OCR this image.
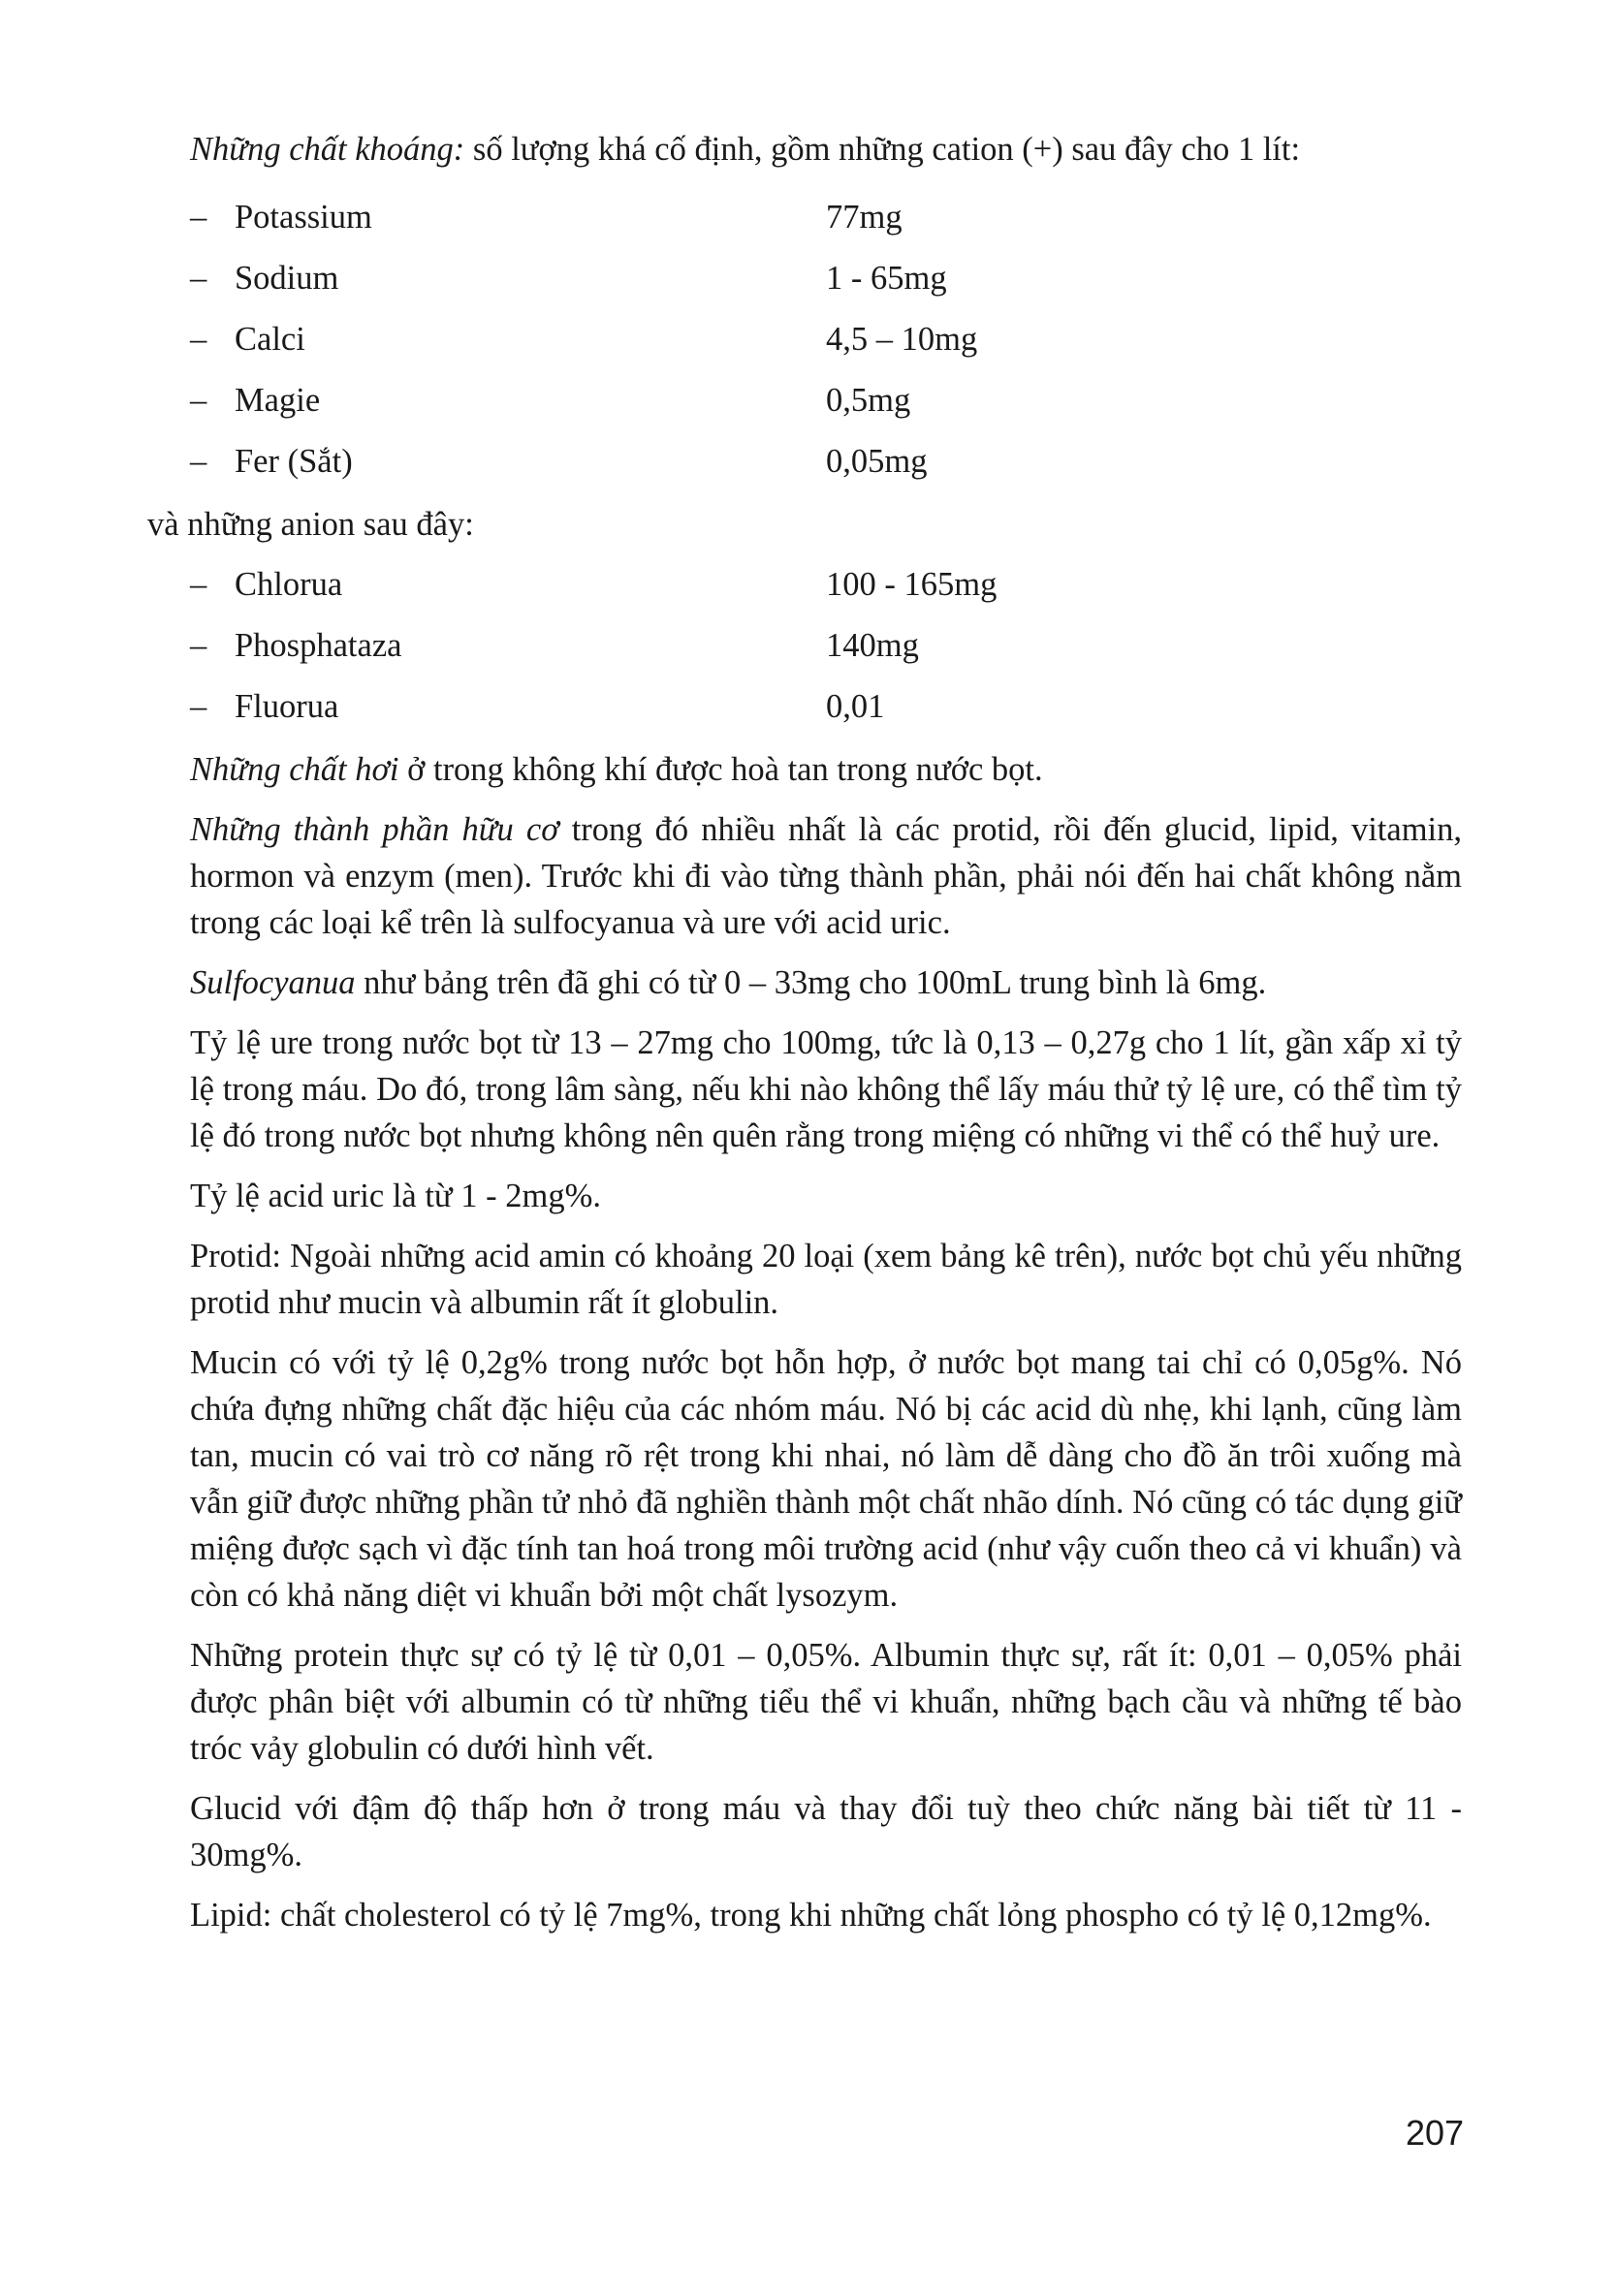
Những chất khoáng: số lượng khá cố định, gồm những cation (+) sau đây cho 1 lít:

– Potassium	77mg
– Sodium	1 - 65mg
– Calci	4,5 – 10mg
– Magie	0,5mg
– Fer (Sắt)	0,05mg

và những anion sau đây:

– Chlorua	100 - 165mg
– Phosphataza	140mg
– Fluorua	0,01

Những chất hơi ở trong không khí được hoà tan trong nước bọt.

Những thành phần hữu cơ trong đó nhiều nhất là các protid, rồi đến glucid, lipid, vitamin, hormon và enzym (men). Trước khi đi vào từng thành phần, phải nói đến hai chất không nằm trong các loại kể trên là sulfocyanua và ure với acid uric.

Sulfocyanua như bảng trên đã ghi có từ 0 – 33mg cho 100mL trung bình là 6mg.

Tỷ lệ ure trong nước bọt từ 13 – 27mg cho 100mg, tức là 0,13 – 0,27g cho 1 lít, gần xấp xỉ tỷ lệ trong máu. Do đó, trong lâm sàng, nếu khi nào không thể lấy máu thử tỷ lệ ure, có thể tìm tỷ lệ đó trong nước bọt nhưng không nên quên rằng trong miệng có những vi thể có thể huỷ ure.

Tỷ lệ acid uric là từ 1 - 2mg%.

Protid: Ngoài những acid amin có khoảng 20 loại (xem bảng kê trên), nước bọt chủ yếu những protid như mucin và albumin rất ít globulin.

Mucin có với tỷ lệ 0,2g% trong nước bọt hỗn hợp, ở nước bọt mang tai chỉ có 0,05g%. Nó chứa đựng những chất đặc hiệu của các nhóm máu. Nó bị các acid dù nhẹ, khi lạnh, cũng làm tan, mucin có vai trò cơ năng rõ rệt trong khi nhai, nó làm dễ dàng cho đồ ăn trôi xuống mà vẫn giữ được những phần tử nhỏ đã nghiền thành một chất nhão dính. Nó cũng có tác dụng giữ miệng được sạch vì đặc tính tan hoá trong môi trường acid (như vậy cuốn theo cả vi khuẩn) và còn có khả năng diệt vi khuẩn bởi một chất lysozym.

Những protein thực sự có tỷ lệ từ 0,01 – 0,05%. Albumin thực sự, rất ít: 0,01 – 0,05% phải được phân biệt với albumin có từ những tiểu thể vi khuẩn, những bạch cầu và những tế bào tróc vảy globulin có dưới hình vết.

Glucid với đậm độ thấp hơn ở trong máu và thay đổi tuỳ theo chức năng bài tiết từ 11 - 30mg%.

Lipid: chất cholesterol có tỷ lệ 7mg%, trong khi những chất lỏng phospho có tỷ lệ 0,12mg%.

207
